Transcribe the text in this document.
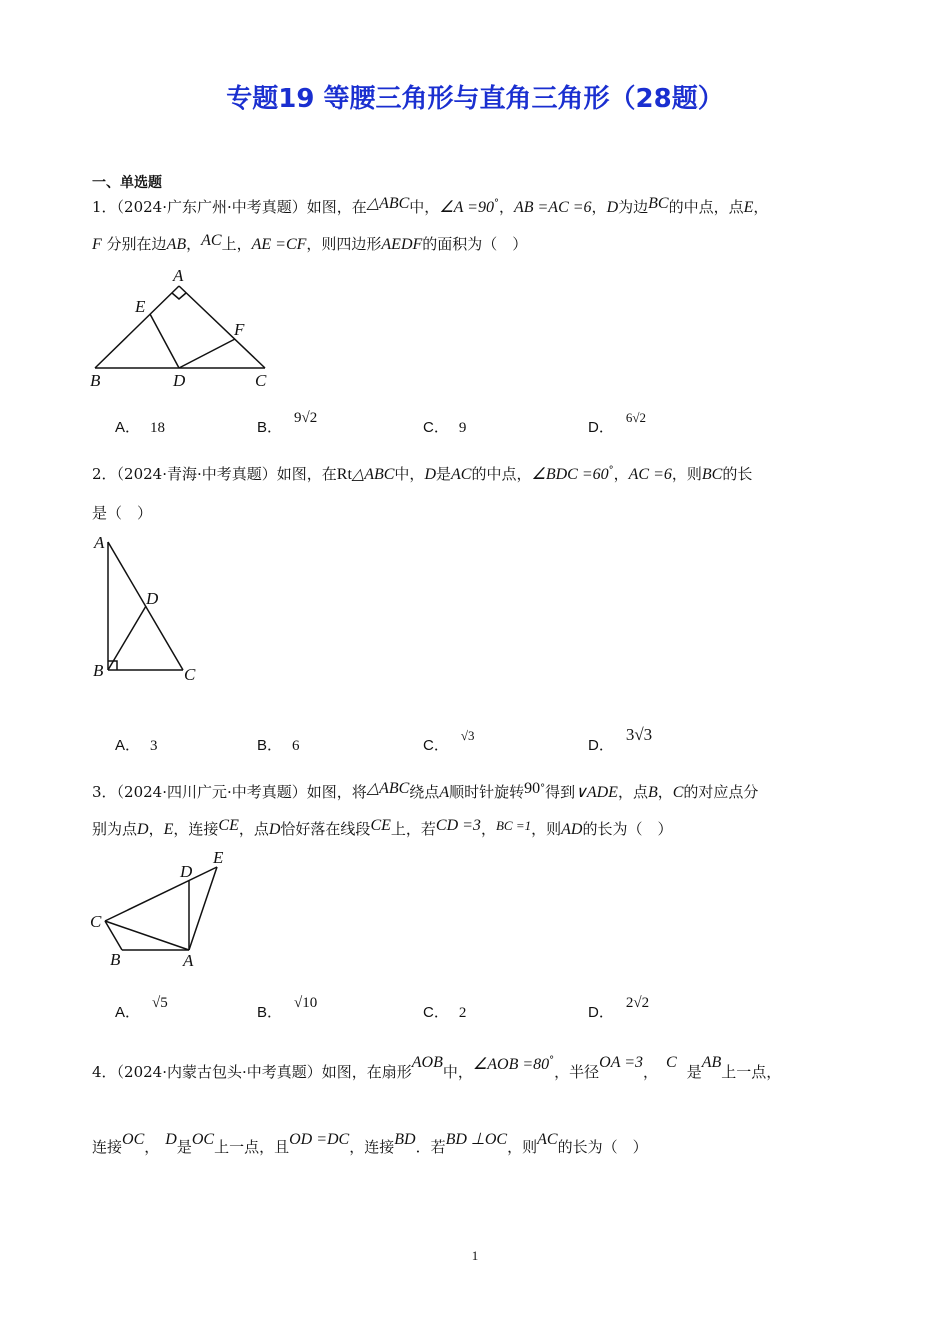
专题19 等腰三角形与直角三角形（28题）
一、单选题
1．（2024·广东广州·中考真题）如图，在△ABC中，∠A =90°，AB =AC =6，D为边BC的中点，点E，
F 分别在边AB，AC上，AE =CF，则四边形AEDF的面积为（　）
A
E
F
B	D	C
A． 18	B．9√2
C． 9	D．6√2
2．（2024·青海·中考真题）如图，在Rt△ABC中，D是AC的中点，∠BDC =60°，AC =6，则BC的长
是（　）
A
D
B	C
A． 3	B． 6	C．√3
D．3√3
3．（2024·四川广元·中考真题）如图，将△ABC绕点A顺时针旋转90°得到∨ADE，点B，C的对应点分
别为点D，E，连接CE，点D恰好落在线段CE上，若CD =3，BC =1，则AD的长为（　）
E
D
C
B	A
A．√5
B．√10
C． 2	D．2√2
4．（2024·内蒙古包头·中考真题）如图，在扇形AOB中，∠AOB =80°，半径OA =3，C是AB上一点，
连接OC， D是OC上一点，且OD =DC，连接BD．若BD ⊥OC，则AC的长为（　）
1
